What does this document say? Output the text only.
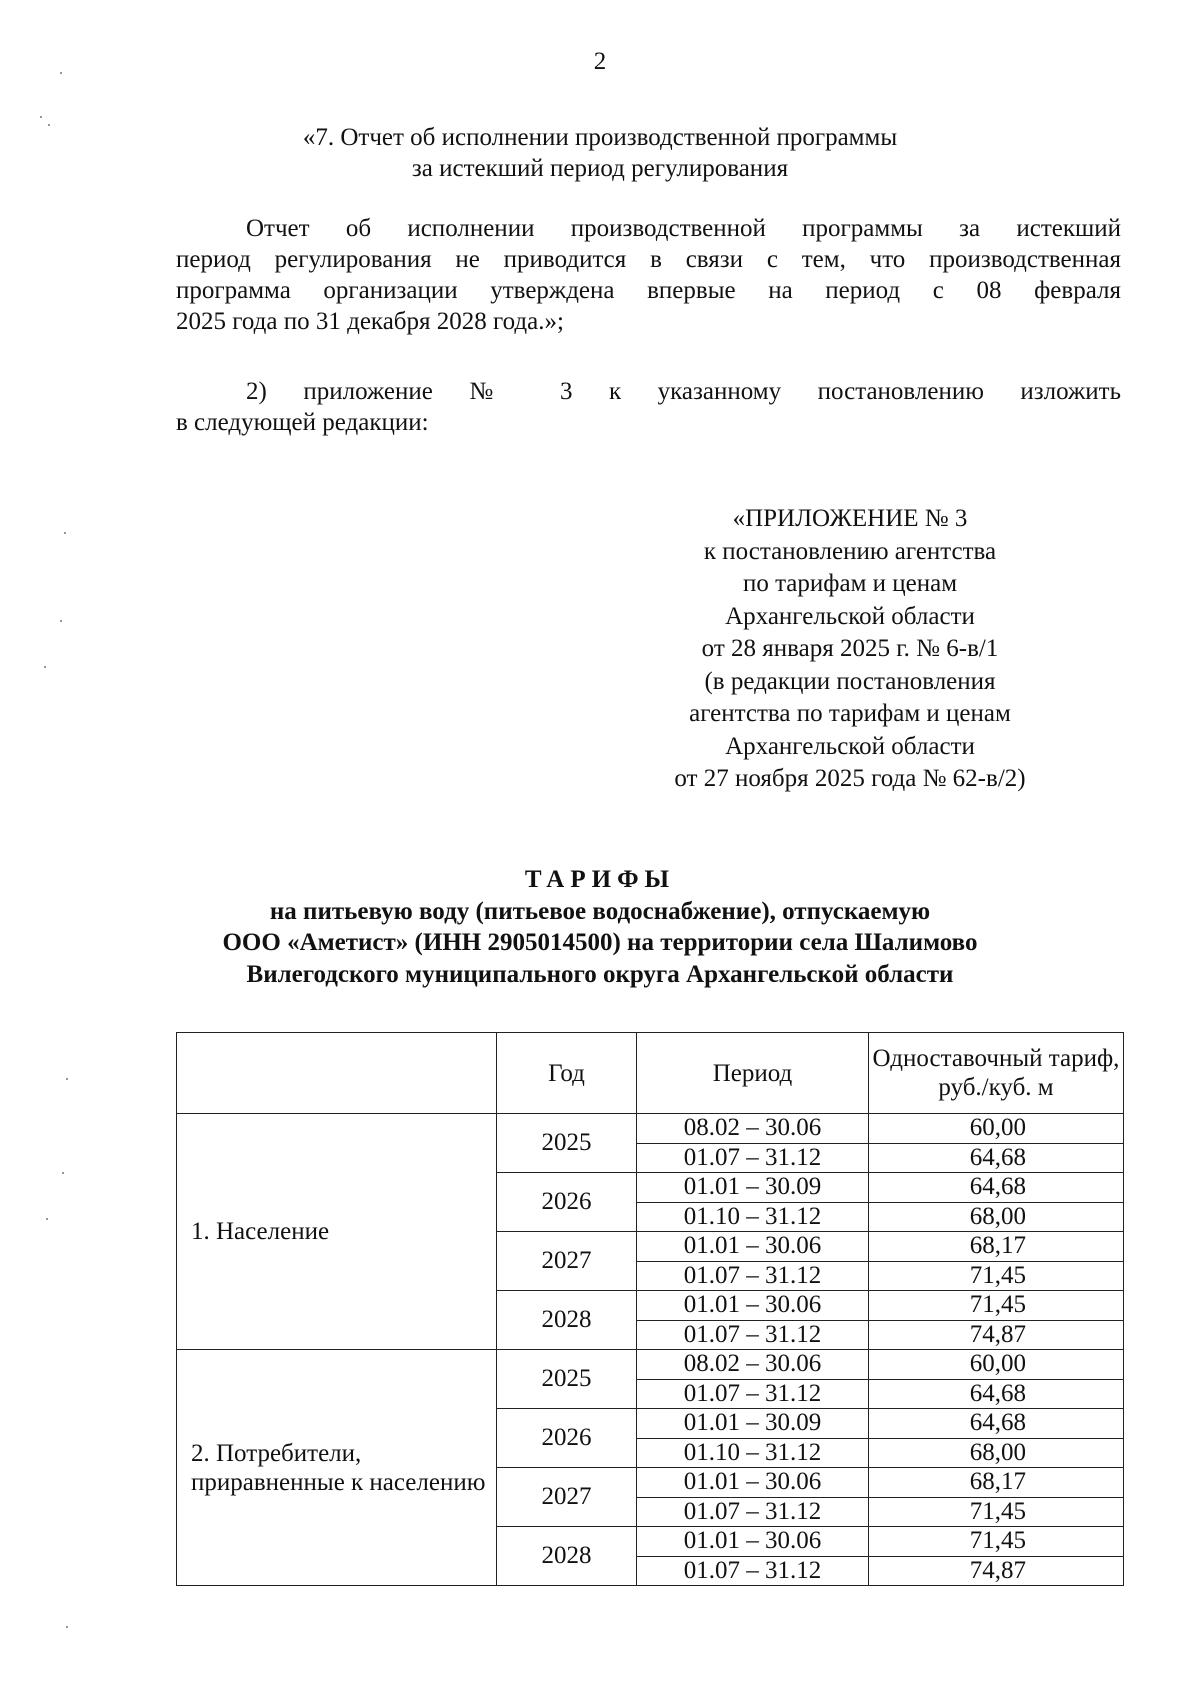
2
«7. Отчет об исполнении производственной программы
за истекший период регулирования
Отчет об исполнении производственной программы за истекший
период регулирования не приводится в связи с тем, что производственная
программа организации утверждена впервые на период с 08 февраля
2025 года по 31 декабря 2028 года.»;
2) приложение № 3 к указанному постановлению изложить
в следующей редакции:
«ПРИЛОЖЕНИЕ № 3
к постановлению агентства
по тарифам и ценам
Архангельской области
от 28 января 2025 г. № 6-в/1
(в редакции постановления
агентства по тарифам и ценам
Архангельской области
от 27 ноября 2025 года № 62-в/2)
ТАРИФЫ
на питьевую воду (питьевое водоснабжение), отпускаемую
ООО «Аметист» (ИНН 2905014500) на территории села Шалимово
Вилегодского муниципального округа Архангельской области
	Год	Период	Одноставочный тариф,
руб./куб. м
1. Население	2025	08.02 – 30.06	60,00
		01.07 – 31.12	64,68
	2026	01.01 – 30.09	64,68
		01.10 – 31.12	68,00
	2027	01.01 – 30.06	68,17
		01.07 – 31.12	71,45
	2028	01.01 – 30.06	71,45
		01.07 – 31.12	74,87
2. Потребители,
приравненные к населению	2025	08.02 – 30.06	60,00
		01.07 – 31.12	64,68
	2026	01.01 – 30.09	64,68
		01.10 – 31.12	68,00
	2027	01.01 – 30.06	68,17
		01.07 – 31.12	71,45
	2028	01.01 – 30.06	71,45
		01.07 – 31.12	74,87
